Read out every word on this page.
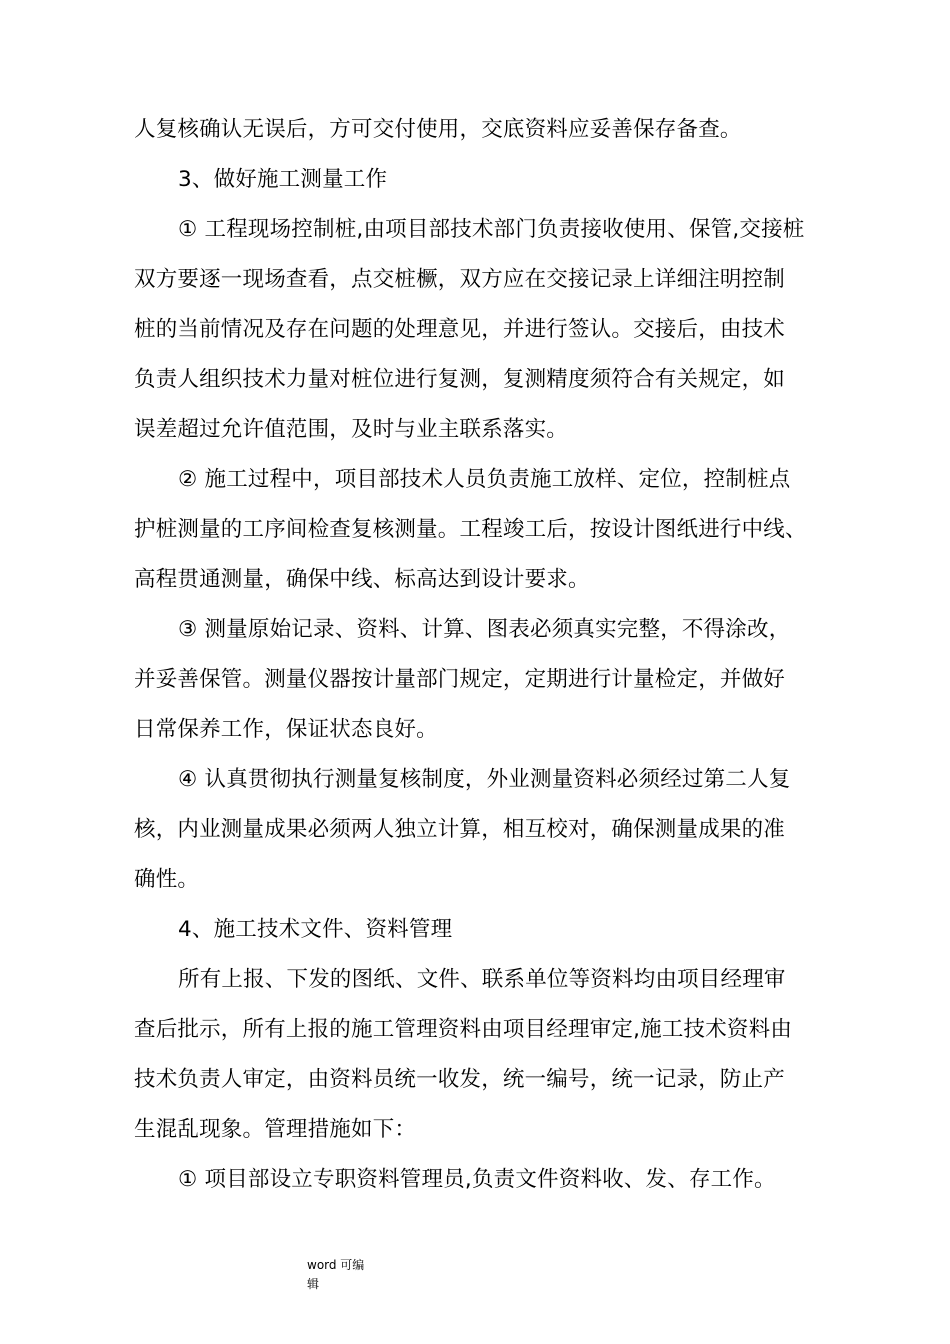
人复核确认无误后，方可交付使用，交底资料应妥善保存备查。
3、做好施工测量工作
① 工程现场控制桩,由项目部技术部门负责接收使用、保管,交接桩
双方要逐一现场查看，点交桩橛，双方应在交接记录上详细注明控制
桩的当前情况及存在问题的处理意见，并进行签认。交接后，由技术
负责人组织技术力量对桩位进行复测，复测精度须符合有关规定，如
误差超过允许值范围，及时与业主联系落实。
② 施工过程中，项目部技术人员负责施工放样、定位，控制桩点
护桩测量的工序间检查复核测量。工程竣工后，按设计图纸进行中线、
高程贯通测量，确保中线、标高达到设计要求。
③ 测量原始记录、资料、计算、图表必须真实完整，不得涂改，
并妥善保管。测量仪器按计量部门规定，定期进行计量检定，并做好
日常保养工作，保证状态良好。
④ 认真贯彻执行测量复核制度，外业测量资料必须经过第二人复
核，内业测量成果必须两人独立计算，相互校对，确保测量成果的准
确性。
4、施工技术文件、资料管理
所有上报、下发的图纸、文件、联系单位等资料均由项目经理审
查后批示，所有上报的施工管理资料由项目经理审定,施工技术资料由
技术负责人审定，由资料员统一收发，统一编号，统一记录，防止产
生混乱现象。管理措施如下：
① 项目部设立专职资料管理员,负责文件资料收、发、存工作。
word 可编
辑
